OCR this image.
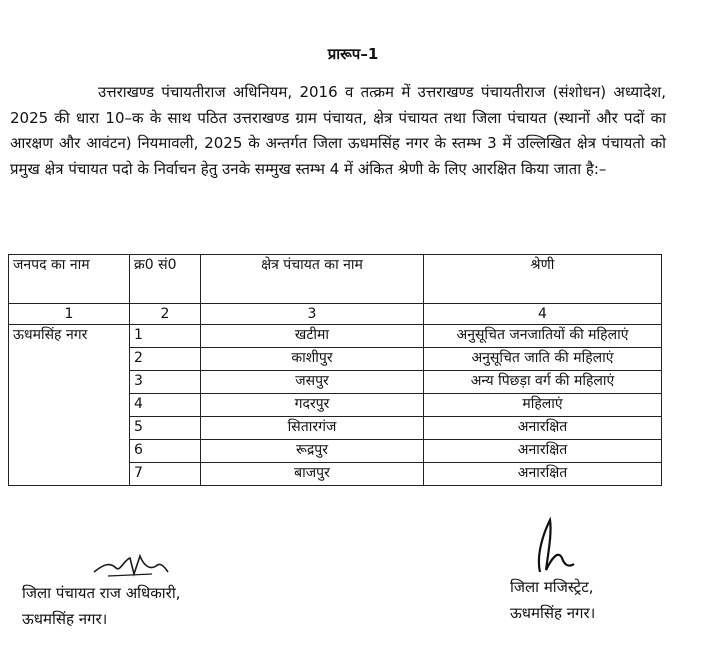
प्रारूप–1
उत्तराखण्ड पंचायतीराज अधिनियम, 2016 व तत्क्रम में उत्तराखण्ड पंचायतीराज (संशोधन) अध्यादेश, 2025 की धारा 10–क के साथ पठित उत्तराखण्ड ग्राम पंचायत, क्षेत्र पंचायत तथा जिला पंचायत (स्थानों और पदों का आरक्षण और आवंटन) नियमावली, 2025 के अन्तर्गत जिला ऊधमसिंह नगर के स्तम्भ 3 में उल्लिखित क्षेत्र पंचायतो को प्रमुख क्षेत्र पंचायत पदो के निर्वाचन हेतु उनके सम्मुख स्तम्भ 4 में अंकित श्रेणी के लिए आरक्षित किया जाता है:–
जनपद का नाम	क्र0 सं0	क्षेत्र पंचायत का नाम	श्रेणी
1	2	3	4
ऊधमसिंह नगर	1	खटीमा	अनुसूचित जनजातियों की महिलाएं
	2	काशीपुर	अनुसूचित जाति की महिलाएं
	3	जसपुर	अन्य पिछड़ा वर्ग की महिलाएं
	4	गदरपुर	महिलाएं
	5	सितारगंज	अनारक्षित
	6	रूद्रपुर	अनारक्षित
	7	बाजपुर	अनारक्षित
जिला पंचायत राज अधिकारी,
ऊधमसिंह नगर।
जिला मजिस्ट्रेट,
ऊधमसिंह नगर।
